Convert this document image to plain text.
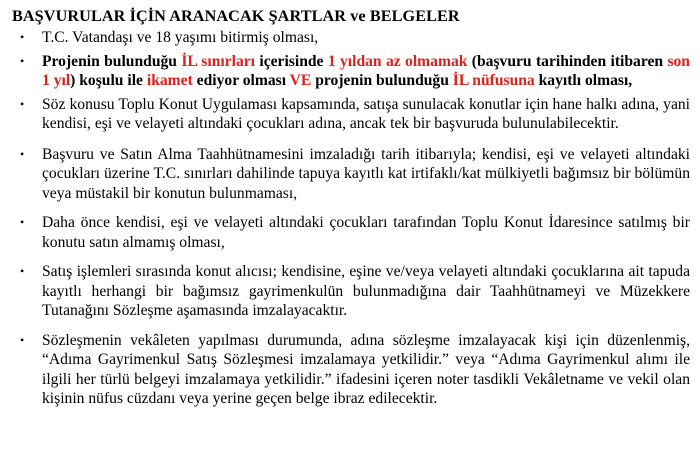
BAŞVURULAR İÇİN ARANACAK ŞARTLAR ve BELGELER
• T.C. Vatandaşı ve 18 yaşımı bitirmiş olması,
• Projenin bulunduğu İL sınırları içerisinde 1 yıldan az olmamak (başvuru tarihinden itibaren son 1 yıl) koşulu ile ikamet ediyor olması VE projenin bulunduğu İL nüfusuna kayıtlı olması,
• Söz konusu Toplu Konut Uygulaması kapsamında, satışa sunulacak konutlar için hane halkı adına, yani kendisi, eşi ve velayeti altındaki çocukları adına, ancak tek bir başvuruda bulunulabilecektir.
• Başvuru ve Satın Alma Taahhütnamesini imzaladığı tarih itibarıyla; kendisi, eşi ve velayeti altındaki çocukları üzerine T.C. sınırları dahilinde tapuya kayıtlı kat irtifaklı/kat mülkiyetli bağımsız bir bölümün veya müstakil bir konutun bulunmaması,
• Daha önce kendisi, eşi ve velayeti altındaki çocukları tarafından Toplu Konut İdaresince satılmış bir konutu satın almamış olması,
• Satış işlemleri sırasında konut alıcısı; kendisine, eşine ve/veya velayeti altındaki çocuklarına ait tapuda kayıtlı herhangi bir bağımsız gayrimenkulün bulunmadığına dair Taahhütnameyi ve Müzekkere Tutanağını Sözleşme aşamasında imzalayacaktır.
• Sözleşmenin vekâleten yapılması durumunda, adına sözleşme imzalayacak kişi için düzenlenmiş, “Adıma Gayrimenkul Satış Sözleşmesi imzalamaya yetkilidir.” veya “Adıma Gayrimenkul alımı ile ilgili her türlü belgeyi imzalamaya yetkilidir.” ifadesini içeren noter tasdikli Vekâletname ve vekil olan kişinin nüfus cüzdanı veya yerine geçen belge ibraz edilecektir.
